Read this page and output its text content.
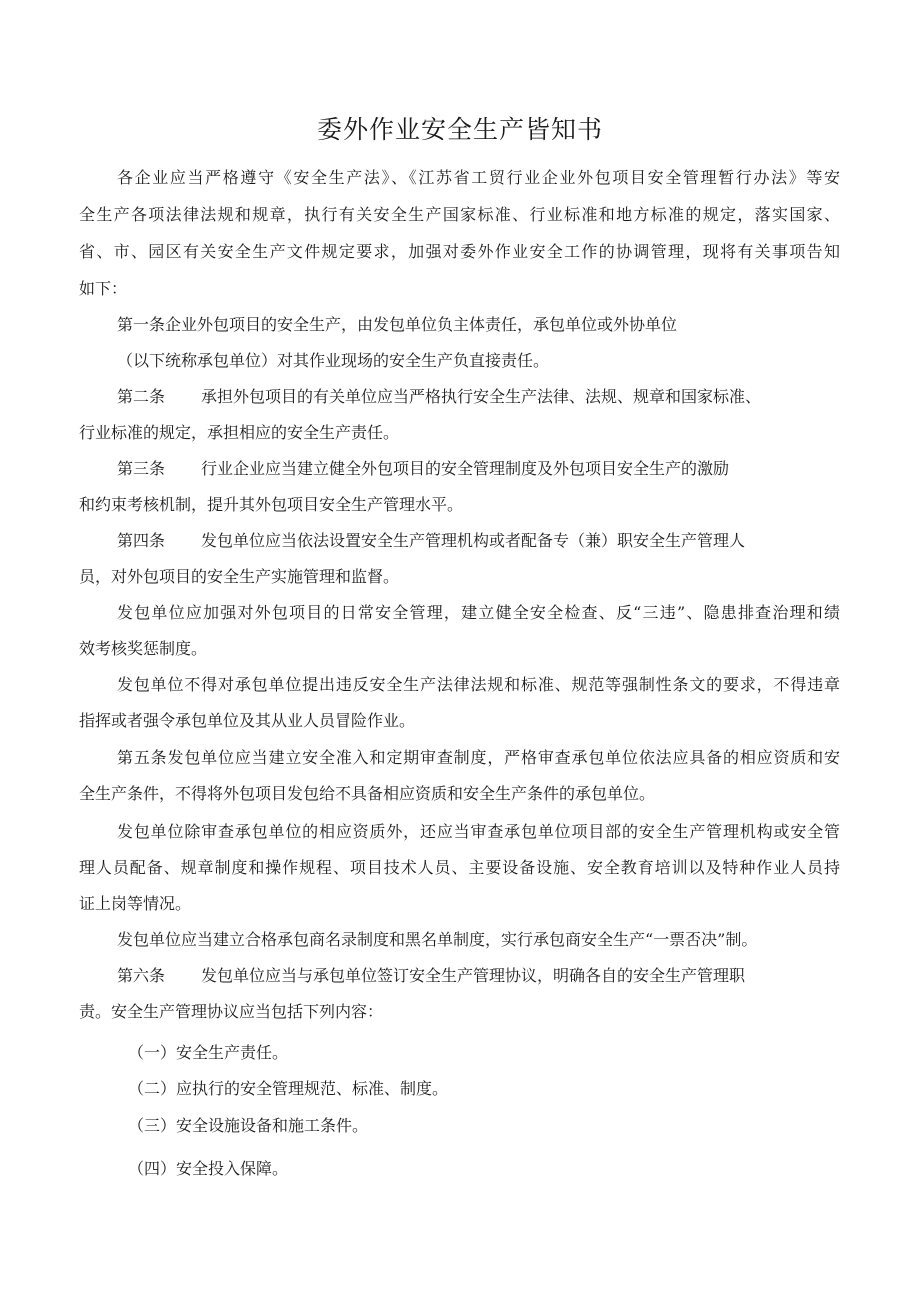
委外作业安全生产皆知书
各企业应当严格遵守《安全生产法》、《江苏省工贸行业企业外包项目安全管理暂行办法》等安
全生产各项法律法规和规章，执行有关安全生产国家标准、行业标准和地方标准的规定，落实国家、
省、市、园区有关安全生产文件规定要求，加强对委外作业安全工作的协调管理，现将有关事项告知
如下：
第一条企业外包项目的安全生产，由发包单位负主体责任，承包单位或外协单位
（以下统称承包单位）对其作业现场的安全生产负直接责任。
第二条 承担外包项目的有关单位应当严格执行安全生产法律、法规、规章和国家标准、
行业标准的规定，承担相应的安全生产责任。
第三条 行业企业应当建立健全外包项目的安全管理制度及外包项目安全生产的激励
和约束考核机制，提升其外包项目安全生产管理水平。
第四条 发包单位应当依法设置安全生产管理机构或者配备专（兼）职安全生产管理人
员，对外包项目的安全生产实施管理和监督。
发包单位应加强对外包项目的日常安全管理，建立健全安全检查、反“三违”、隐患排查治理和绩
效考核奖惩制度。
发包单位不得对承包单位提出违反安全生产法律法规和标准、规范等强制性条文的要求，不得违章
指挥或者强令承包单位及其从业人员冒险作业。
第五条发包单位应当建立安全准入和定期审查制度，严格审查承包单位依法应具备的相应资质和安
全生产条件，不得将外包项目发包给不具备相应资质和安全生产条件的承包单位。
发包单位除审查承包单位的相应资质外，还应当审查承包单位项目部的安全生产管理机构或安全管
理人员配备、规章制度和操作规程、项目技术人员、主要设备设施、安全教育培训以及特种作业人员持
证上岗等情况。
发包单位应当建立合格承包商名录制度和黑名单制度，实行承包商安全生产“一票否决”制。
第六条 发包单位应当与承包单位签订安全生产管理协议，明确各自的安全生产管理职
责。安全生产管理协议应当包括下列内容：
（一）安全生产责任。
（二）应执行的安全管理规范、标准、制度。
（三）安全设施设备和施工条件。
（四）安全投入保障。
